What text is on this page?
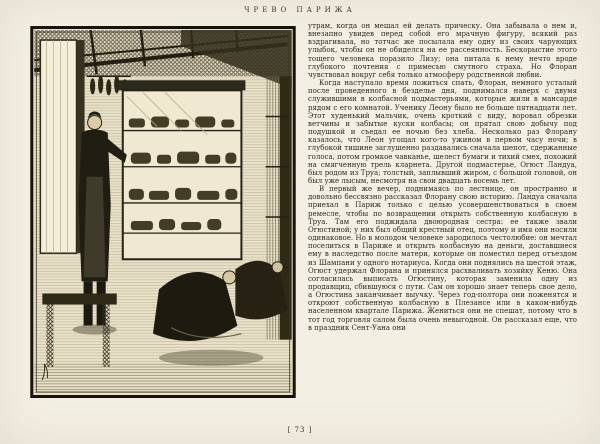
ЧРЕВО ПАРИЖА

утрам, когда он мешал ей делать прическу. Она забывала о нем и, внезапно увидев перед собой его мрачную фигуру, всякий раз вздрагивала, но тотчас же посылала ему одну из своих чарующих улыбок, чтобы он не обиделся на ее рассеянность. Бескорыстие этого тощего человека поразило Лизу; она питала к нему нечто вроде глубокого почтения с примесью смутного страха. Но Флоран чувствовал вокруг себя только атмосферу родственной любви.

Когда наступало время ложиться спать, Флоран, немного усталый после проведенного в безделье дня, поднимался наверх с двумя служившими в колбасной подмастерьями, которые жили в мансарде рядом с его комнатой. Ученику Леону было не больше пятнадцати лет. Этот худенький мальчик, очень кроткий с виду, воровал обрезки ветчины и забытые куски колбасы; он прятал свою добычу под подушкой и съедал ее ночью без хлеба. Несколько раз Флорану казалось, что Леон угощал кого-то ужином в первом часу ночи; в глубокой тишине заглушенно раздавались сначала шепот, сдержанные голоса, потом громкое чавканье, шелест бумаги и тихий смех, похожий на смягченную трель кларнета. Другой подмастерье, Огюст Ландуа, был родом из Труа; толстый, заплывший жиром, с большой головой, он был уже лысым, несмотря на свои двадцать восемь лет.

В первый же вечер, поднимаясь по лестнице, он пространно и довольно бессвязно рассказал Флорану свою историю. Ландуа сначала приехал в Париж только с целью усовершенствоваться в своем ремесле, чтобы по возвращении открыть собственную колбасную в Труа. Там его поджидала двоюродная сестра: ее также звали Огюстиной; у них был общий крестный отец, поэтому и имя они носили одинаковое. Но в молодом человеке зародилось честолюбие: он мечтал поселиться в Париже и открыть колбасную на деньги, доставшиеся ему в наследство после матери, которые он поместил перед отъездом из Шампани у одного нотариуса. Когда они поднялись на шестой этаж, Огюст удержал Флорана и принялся расхваливать хозяйку Кеню. Она согласилась выписать Огюстину, которая заменила одну из продавщиц, сбившуюся с пути. Сам он хорошо знает теперь свое дело, а Огюстина заканчивает выучку. Через год-полтора они поженятся и откроют собственную колбасную в Плезансе или в каком-нибудь населенном квартале Парижа. Жениться они не спешат, потому что в тот год торговля салом была очень невыгодной. Он рассказал еще, что в праздник Сент-Уана они

[ 73 ]
